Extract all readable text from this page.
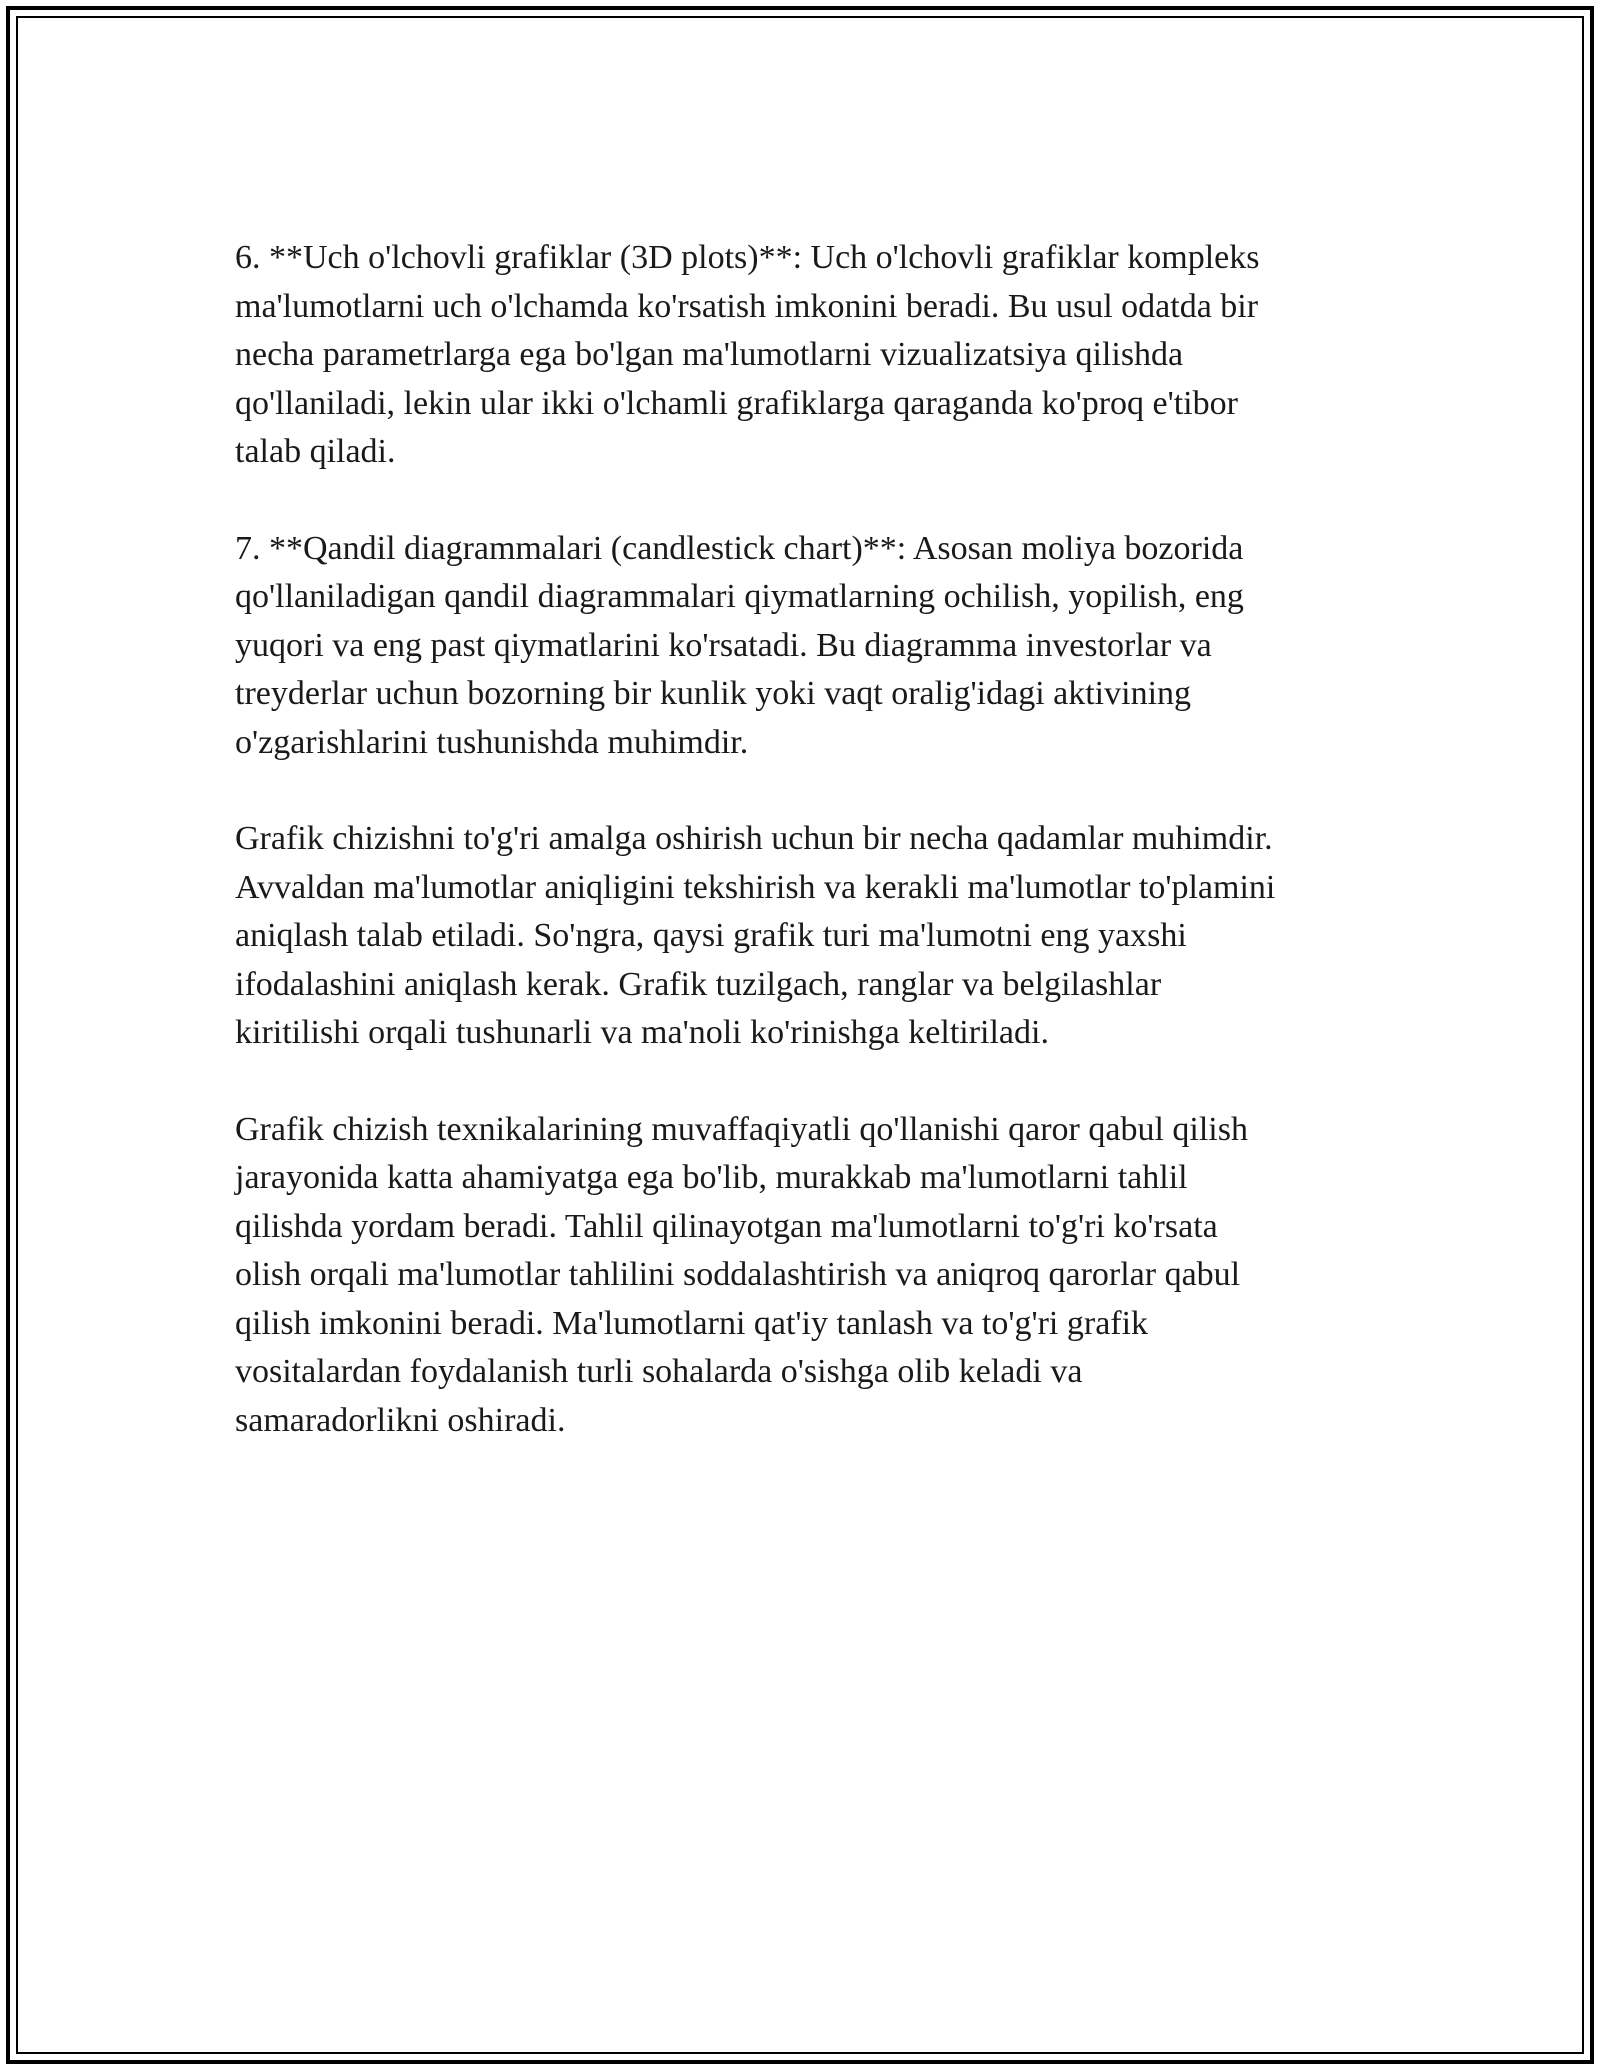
6. **Uch o'lchovli grafiklar (3D plots)**: Uch o'lchovli grafiklar kompleks
ma'lumotlarni uch o'lchamda ko'rsatish imkonini beradi. Bu usul odatda bir
necha parametrlarga ega bo'lgan ma'lumotlarni vizualizatsiya qilishda
qo'llaniladi, lekin ular ikki o'lchamli grafiklarga qaraganda ko'proq e'tibor
talab qiladi.

7. **Qandil diagrammalari (candlestick chart)**: Asosan moliya bozorida
qo'llaniladigan qandil diagrammalari qiymatlarning ochilish, yopilish, eng
yuqori va eng past qiymatlarini ko'rsatadi. Bu diagramma investorlar va
treyderlar uchun bozorning bir kunlik yoki vaqt oralig'idagi aktivining
o'zgarishlarini tushunishda muhimdir.

Grafik chizishni to'g'ri amalga oshirish uchun bir necha qadamlar muhimdir.
Avvaldan ma'lumotlar aniqligini tekshirish va kerakli ma'lumotlar to'plamini
aniqlash talab etiladi. So'ngra, qaysi grafik turi ma'lumotni eng yaxshi
ifodalashini aniqlash kerak. Grafik tuzilgach, ranglar va belgilashlar
kiritilishi orqali tushunarli va ma'noli ko'rinishga keltiriladi.

Grafik chizish texnikalarining muvaffaqiyatli qo'llanishi qaror qabul qilish
jarayonida katta ahamiyatga ega bo'lib, murakkab ma'lumotlarni tahlil
qilishda yordam beradi. Tahlil qilinayotgan ma'lumotlarni to'g'ri ko'rsata
olish orqali ma'lumotlar tahlilini soddalashtirish va aniqroq qarorlar qabul
qilish imkonini beradi. Ma'lumotlarni qat'iy tanlash va to'g'ri grafik
vositalardan foydalanish turli sohalarda o'sishga olib keladi va
samaradorlikni oshiradi.
